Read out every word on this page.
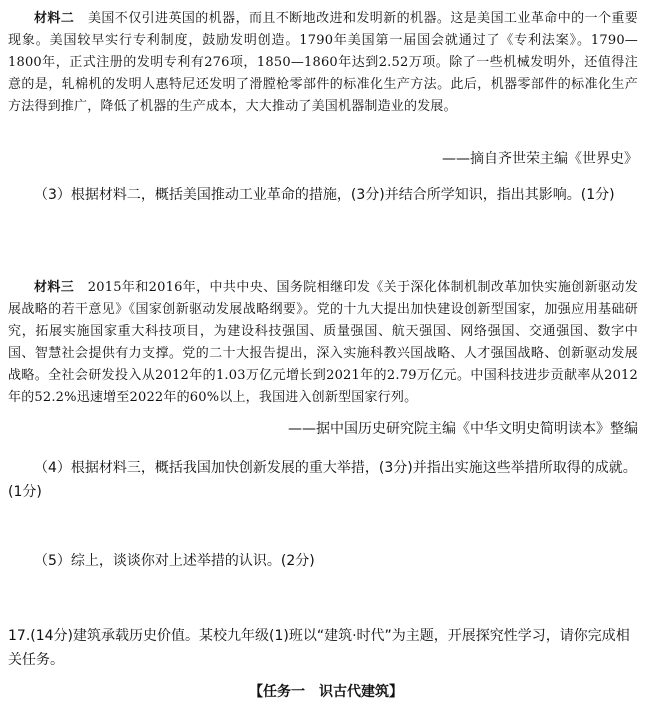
材料二 美国不仅引进英国的机器，而且不断地改进和发明新的机器。这是美国工业革命中的一个重要现象。美国较早实行专利制度，鼓励发明创造。1790年美国第一届国会就通过了《专利法案》。1790—1800年，正式注册的发明专利有276项，1850—1860年达到2.52万项。除了一些机械发明外，还值得注意的是，轧棉机的发明人惠特尼还发明了滑膛枪零部件的标准化生产方法。此后，机器零部件的标准化生产方法得到推广，降低了机器的生产成本，大大推动了美国机器制造业的发展。

——摘自齐世荣主编《世界史》

（3）根据材料二，概括美国推动工业革命的措施，(3分)并结合所学知识，指出其影响。(1分)

材料三 2015年和2016年，中共中央、国务院相继印发《关于深化体制机制改革加快实施创新驱动发展战略的若干意见》《国家创新驱动发展战略纲要》。党的十九大提出加快建设创新型国家，加强应用基础研究，拓展实施国家重大科技项目，为建设科技强国、质量强国、航天强国、网络强国、交通强国、数字中国、智慧社会提供有力支撑。党的二十大报告提出，深入实施科教兴国战略、人才强国战略、创新驱动发展战略。全社会研发投入从2012年的1.03万亿元增长到2021年的2.79万亿元。中国科技进步贡献率从2012年的52.2%迅速增至2022年的60%以上，我国进入创新型国家行列。

——据中国历史研究院主编《中华文明史简明读本》整编

（4）根据材料三，概括我国加快创新发展的重大举措，(3分)并指出实施这些举措所取得的成就。(1分)

（5）综上，谈谈你对上述举措的认识。(2分)

17.(14分)建筑承载历史价值。某校九年级(1)班以“建筑·时代”为主题，开展探究性学习，请你完成相关任务。

【任务一　识古代建筑】
